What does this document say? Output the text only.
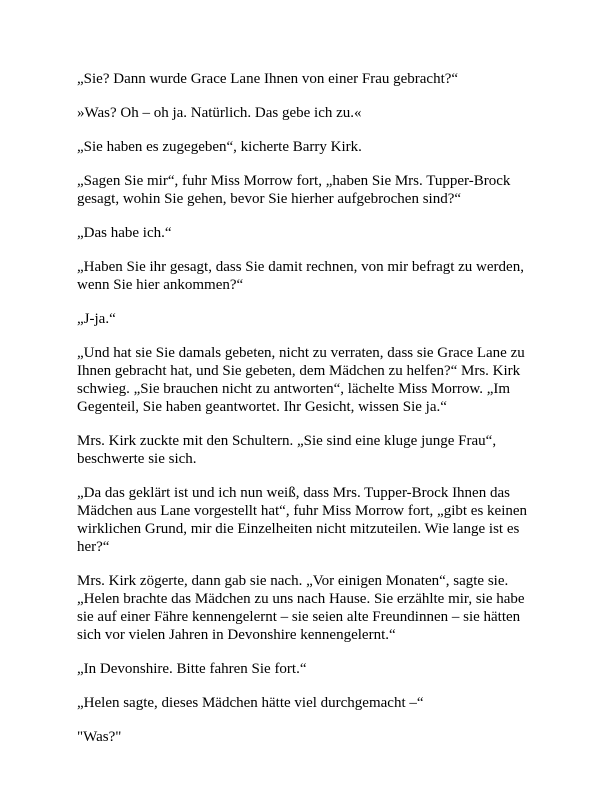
„Sie? Dann wurde Grace Lane Ihnen von einer Frau gebracht?“

»Was? Oh – oh ja. Natürlich. Das gebe ich zu.«

„Sie haben es zugegeben“, kicherte Barry Kirk.

„Sagen Sie mir“, fuhr Miss Morrow fort, „haben Sie Mrs. Tupper-Brock
gesagt, wohin Sie gehen, bevor Sie hierher aufgebrochen sind?“

„Das habe ich.“

„Haben Sie ihr gesagt, dass Sie damit rechnen, von mir befragt zu werden,
wenn Sie hier ankommen?“

„J-ja.“

„Und hat sie Sie damals gebeten, nicht zu verraten, dass sie Grace Lane zu
Ihnen gebracht hat, und Sie gebeten, dem Mädchen zu helfen?“ Mrs. Kirk
schwieg. „Sie brauchen nicht zu antworten“, lächelte Miss Morrow. „Im
Gegenteil, Sie haben geantwortet. Ihr Gesicht, wissen Sie ja.“

Mrs. Kirk zuckte mit den Schultern. „Sie sind eine kluge junge Frau“,
beschwerte sie sich.

„Da das geklärt ist und ich nun weiß, dass Mrs. Tupper-Brock Ihnen das
Mädchen aus Lane vorgestellt hat“, fuhr Miss Morrow fort, „gibt es keinen
wirklichen Grund, mir die Einzelheiten nicht mitzuteilen. Wie lange ist es
her?“

Mrs. Kirk zögerte, dann gab sie nach. „Vor einigen Monaten“, sagte sie.
„Helen brachte das Mädchen zu uns nach Hause. Sie erzählte mir, sie habe
sie auf einer Fähre kennengelernt – sie seien alte Freundinnen – sie hätten
sich vor vielen Jahren in Devonshire kennengelernt.“

„In Devonshire. Bitte fahren Sie fort.“

„Helen sagte, dieses Mädchen hätte viel durchgemacht –“

"Was?"
